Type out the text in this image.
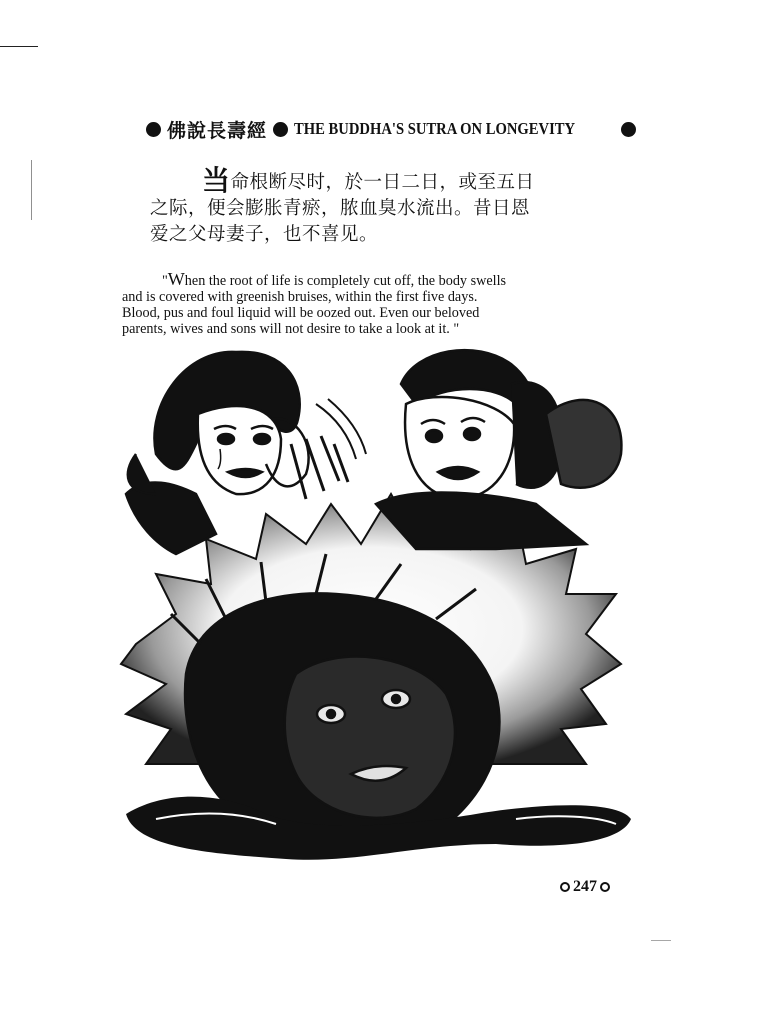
佛說長壽經 THE BUDDHA'S SUTRA ON LONGEVITY
当命根断尽时，於一日二日，或至五日
之际，便会膨胀青瘀，脓血臭水流出。昔日恩
爱之父母妻子，也不喜见。
"When the root of life is completely cut off, the body swells
and is covered with greenish bruises, within the first five days.
Blood, pus and foul liquid will be oozed out. Even our beloved
parents, wives and sons will not desire to take a look at it. "
247
